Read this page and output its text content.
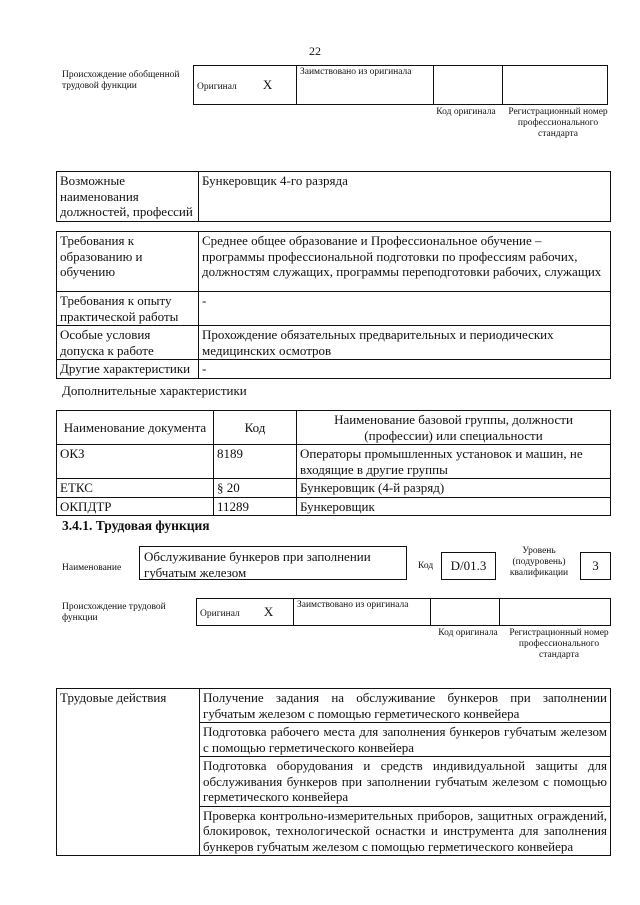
22
Происхождение обобщенной трудовой функции	Оригинал X	Заимствовано из оригинала		
Код оригинала	Регистрационный номер профессионального стандарта
Возможные наименования должностей, профессий	Бункеровщик 4-го разряда
Требования к образованию и обучению	Среднее общее образование и Профессиональное обучение – программы профессиональной подготовки по профессиям рабочих, должностям служащих, программы переподготовки рабочих, служащих
Требования к опыту практической работы	-
Особые условия допуска к работе	Прохождение обязательных предварительных и периодических медицинских осмотров
Другие характеристики	-
Дополнительные характеристики
Наименование документа	Код	Наименование базовой группы, должности (профессии) или специальности
ОКЗ	8189	Операторы промышленных установок и машин, не входящие в другие группы
ЕТКС	§ 20	Бункеровщик (4-й разряд)
ОКПДТР	11289	Бункеровщик
3.4.1. Трудовая функция
Наименование
Обслуживание бункеров при заполнении губчатым железом	Код	D/01.3
Уровень (подуровень) квалификации	3
Происхождение трудовой функции	Оригинал X	Заимствовано из оригинала		
Код оригинала	Регистрационный номер профессионального стандарта
Трудовые действия	Получение задания на обслуживание бункеров при заполнении губчатым железом с помощью герметического конвейера
Подготовка рабочего места для заполнения бункеров губчатым железом с помощью герметического конвейера
Подготовка оборудования и средств индивидуальной защиты для обслуживания бункеров при заполнении губчатым железом с помощью герметического конвейера
Проверка контрольно-измерительных приборов, защитных ограждений, блокировок, технологической оснастки и инструмента для заполнения бункеров губчатым железом с помощью герметического конвейера
